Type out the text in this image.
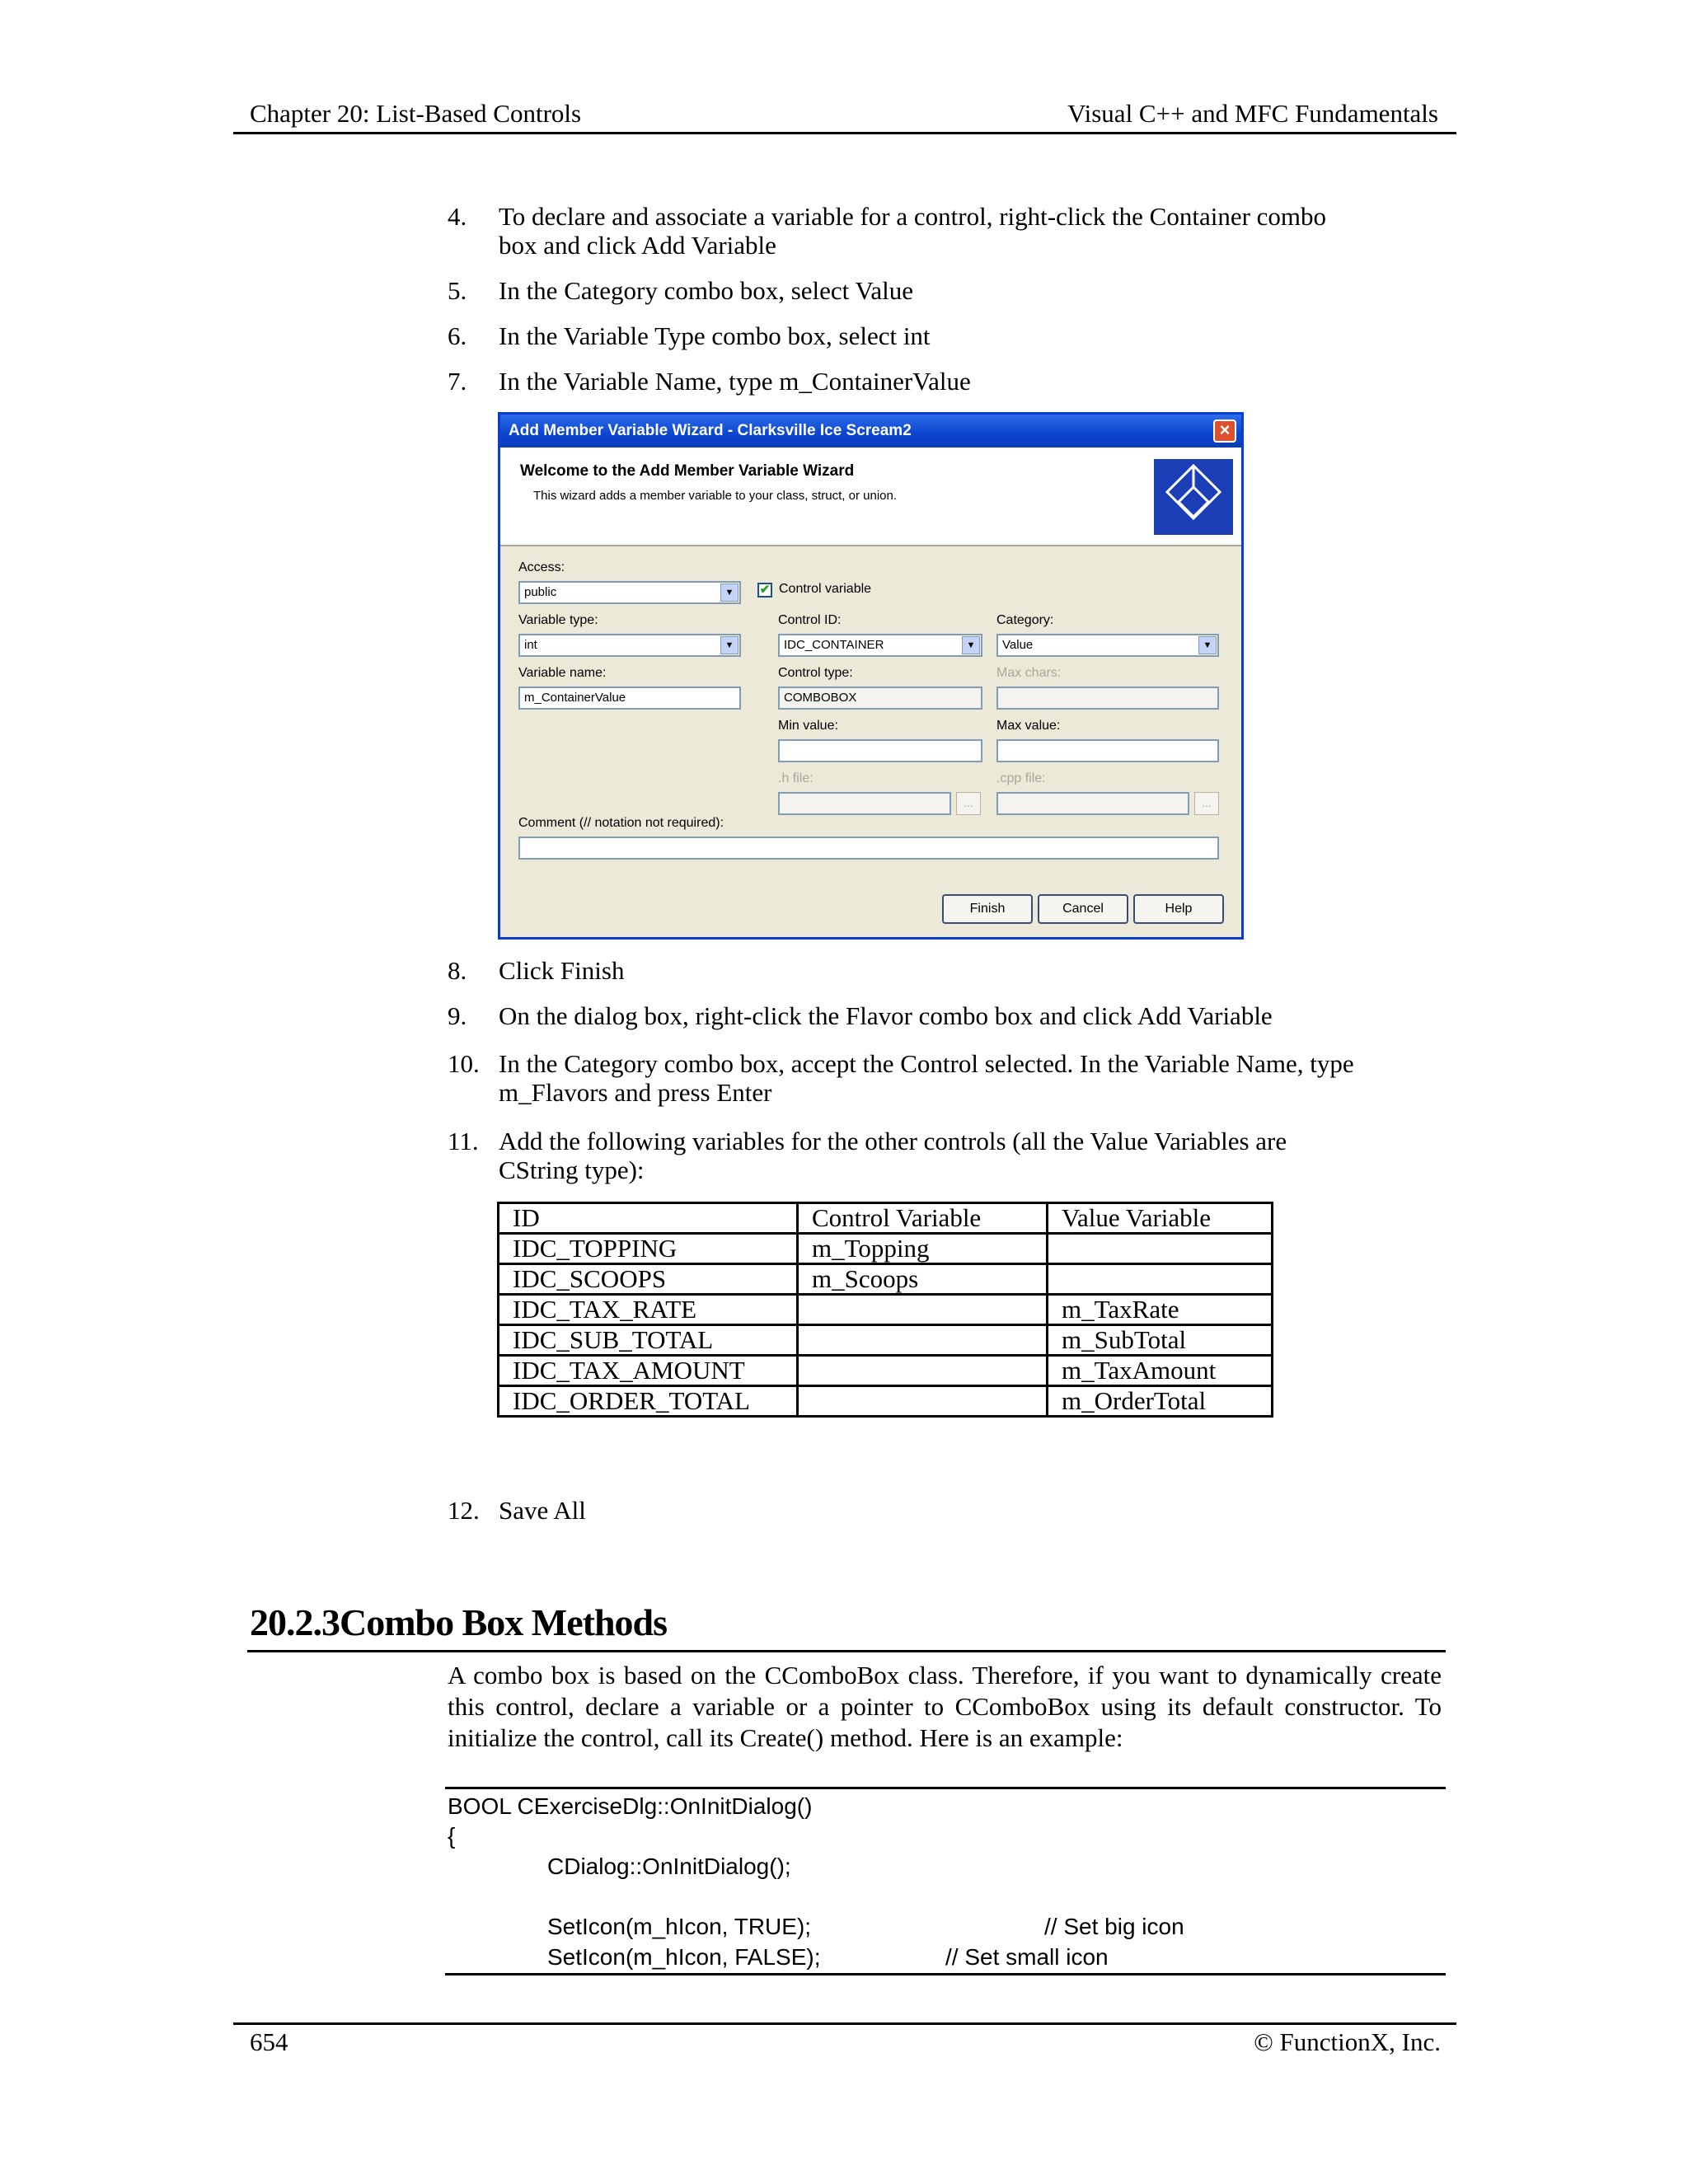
Chapter 20: List-Based Controls	Visual C++ and MFC Fundamentals
4. To declare and associate a variable for a control, right-click the Container combo
box and click Add Variable
5. In the Category combo box, select Value
6. In the Variable Type combo box, select int
7. In the Variable Name, type m_ContainerValue
Add Member Variable Wizard - Clarksville Ice Scream2	×
Welcome to the Add Member Variable Wizard
This wizard adds a member variable to your class, struct, or union.
Access:
public	▼	✔ Control variable
Variable type:
int	▼
Control ID:
IDC_CONTAINER	▼
Category:
Value	▼
Variable name:
m_ContainerValue
Control type:
COMBOBOX
Max chars:
Min value:	Max value:
.h file:
...
.cpp file:
...
Comment (// notation not required):
Finish	Cancel	Help
8. Click Finish
9. On the dialog box, right-click the Flavor combo box and click Add Variable
10. In the Category combo box, accept the Control selected. In the Variable Name, type
m_Flavors and press Enter
11. Add the following variables for the other controls (all the Value Variables are
CString type):
ID	Control Variable	Value Variable
IDC_TOPPING	m_Topping	
IDC_SCOOPS	m_Scoops	
IDC_TAX_RATE		m_TaxRate
IDC_SUB_TOTAL		m_SubTotal
IDC_TAX_AMOUNT		m_TaxAmount
IDC_ORDER_TOTAL		m_OrderTotal
12. Save All
20.2.3Combo Box Methods
A combo box is based on the CComboBox class. Therefore, if you want to dynamically create this control, declare a variable or a pointer to CComboBox using its default constructor. To initialize the control, call its Create() method. Here is an example:
BOOL CExerciseDlg::OnInitDialog()
{
CDialog::OnInitDialog();
SetIcon(m_hIcon, TRUE);	// Set big icon
SetIcon(m_hIcon, FALSE);	// Set small icon
654	© FunctionX, Inc.
